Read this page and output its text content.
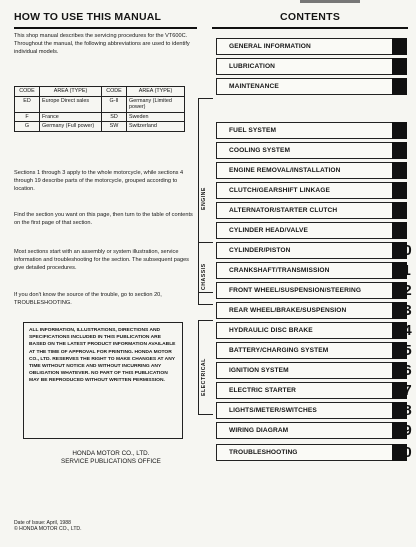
HOW TO USE THIS MANUAL	CONTENTS

This shop manual describes the servicing procedures for the VT600C. Throughout the manual, the following abbreviations are used to identify individual models.

CODE	AREA (TYPE)	CODE	AREA (TYPE)
ED	Europe Direct sales	G-II	Germany (Limited power)
F	France	SD	Sweden
G	Germany (Full power)	SW	Switzerland

Sections 1 through 3 apply to the whole motorcycle, while sections 4 through 19 describe parts of the motorcycle, grouped according to location.

Find the section you want on this page, then turn to the table of contents on the first page of that section.

Most sections start with an assembly or system illustration, service information and troubleshooting for the section. The subsequent pages give detailed procedures.

If you don't know the source of the trouble, go to section 20, TROUBLESHOOTING.

ALL INFORMATION, ILLUSTRATIONS, DIRECTIONS AND SPECIFICATIONS INCLUDED IN THIS PUBLICATION ARE BASED ON THE LATEST PRODUCT INFORMATION AVAILABLE AT THE TIME OF APPROVAL FOR PRINTING. HONDA MOTOR CO., LTD. RESERVES THE RIGHT TO MAKE CHANGES AT ANY TIME WITHOUT NOTICE AND WITHOUT INCURRING ANY OBLIGATION WHATEVER. NO PART OF THIS PUBLICATION MAY BE REPRODUCED WITHOUT WRITTEN PERMISSION.

HONDA MOTOR CO., LTD.
SERVICE PUBLICATIONS OFFICE
Date of Issue: April, 1988
© HONDA MOTOR CO., LTD.
ENGINE
CHASSIS
ELECTRICAL
GENERAL INFORMATION	1
LUBRICATION	2
MAINTENANCE	3
FUEL SYSTEM	4
COOLING SYSTEM	5
ENGINE REMOVAL/INSTALLATION	6
CLUTCH/GEARSHIFT LINKAGE	7
ALTERNATOR/STARTER CLUTCH	8
CYLINDER HEAD/VALVE	9
CYLINDER/PISTON	10
CRANKSHAFT/TRANSMISSION	11
FRONT WHEEL/SUSPENSION/STEERING 12
REAR WHEEL/BRAKE/SUSPENSION	13
HYDRAULIC DISC BRAKE	14
BATTERY/CHARGING SYSTEM	15
IGNITION SYSTEM	16
ELECTRIC STARTER	17
LIGHTS/METER/SWITCHES	18
WIRING DIAGRAM	19
TROUBLESHOOTING	20
